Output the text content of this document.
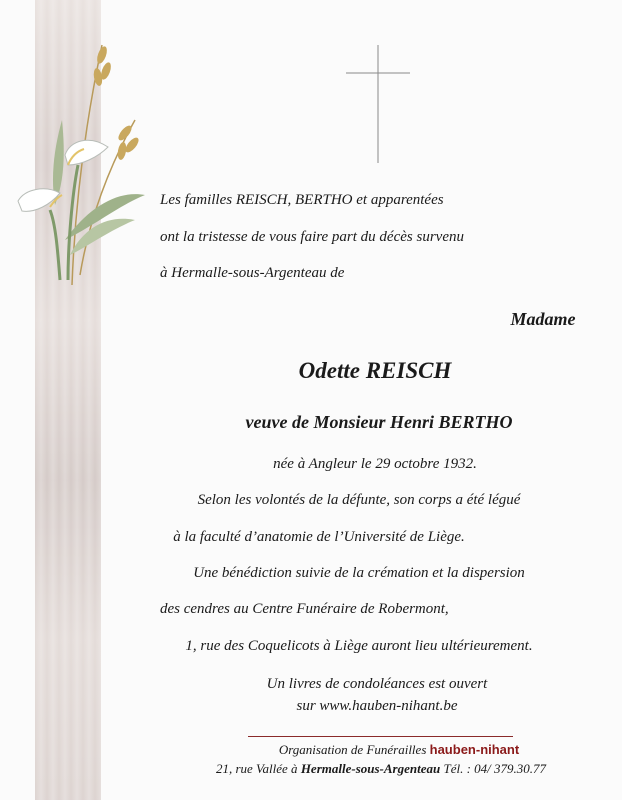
Les familles REISCH, BERTHO et apparentées
ont la tristesse de vous faire part du décès survenu
à Hermalle-sous-Argenteau de
Madame
Odette REISCH
veuve de Monsieur Henri BERTHO
née à Angleur le 29 octobre 1932.
Selon les volontés de la défunte, son corps a été légué
à la faculté d’anatomie de l’Université de Liège.
Une bénédiction suivie de la crémation et la dispersion
des cendres au Centre Funéraire de Robermont,
1, rue des Coquelicots à Liège auront lieu ultérieurement.
Un livres de condoléances est ouvert
sur www.hauben-nihant.be
Organisation de Funérailles hauben-nihant
21, rue Vallée à Hermalle-sous-Argenteau Tél. : 04/ 379.30.77
